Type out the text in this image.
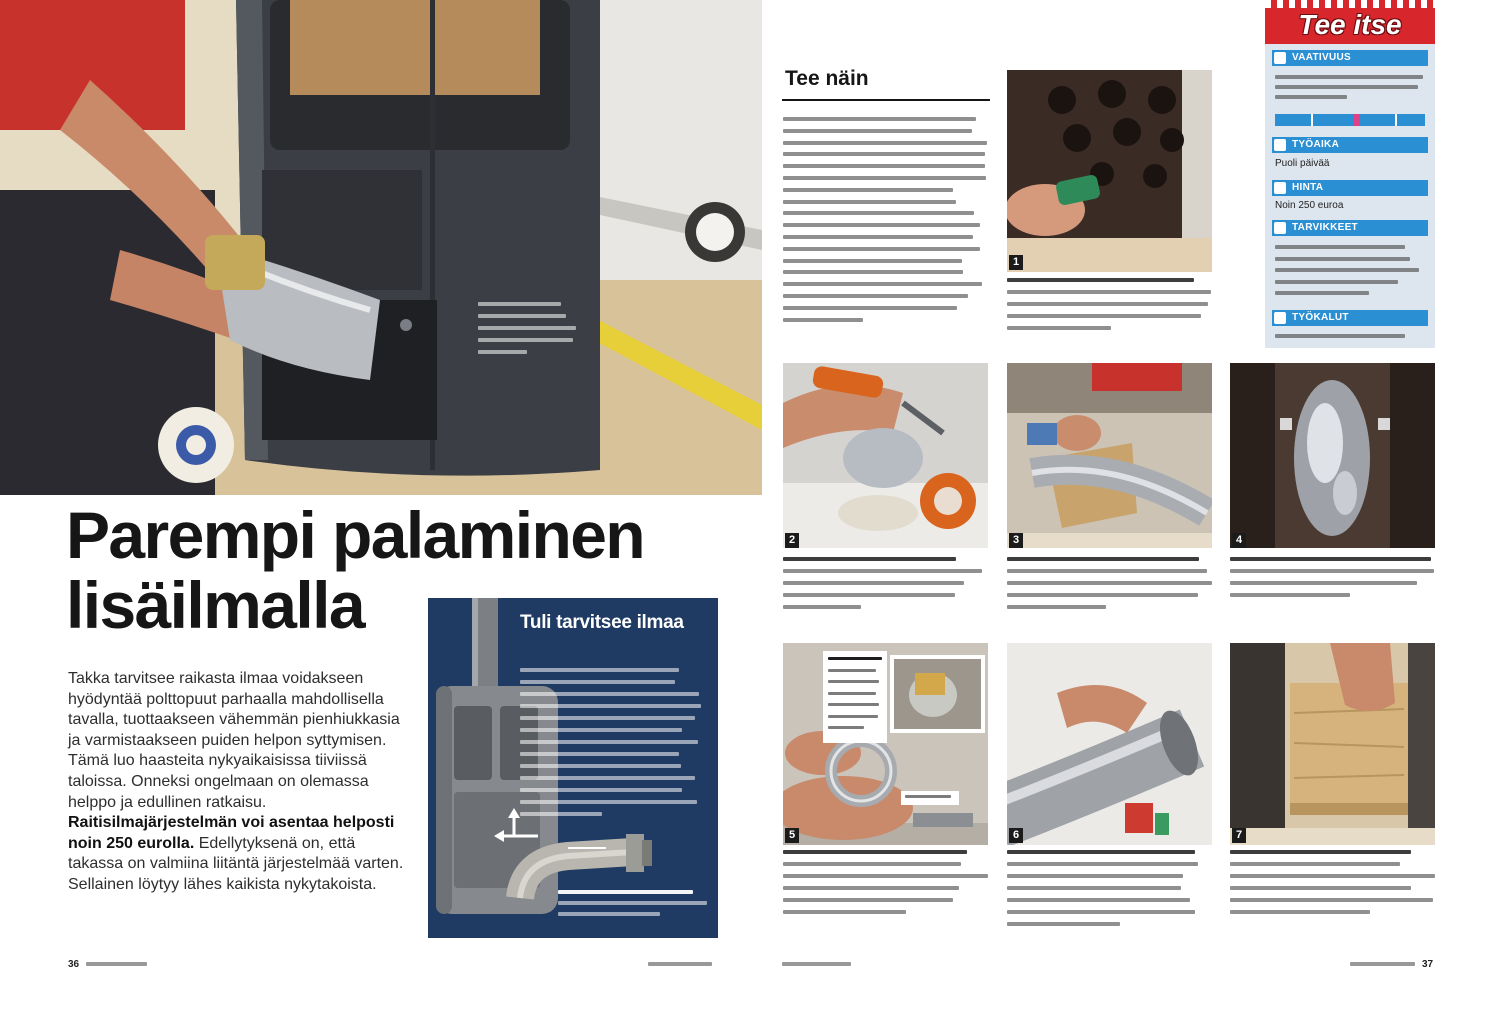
Parempi palaminen
lisäilmalla
Takka tarvitsee raikasta ilmaa voidakseen hyödyntää polttopuut parhaalla mahdollisella tavalla, tuottaakseen vähemmän pienhiukkasia ja varmistaakseen puiden helpon syttymisen. Tämä luo haasteita nykyaikaisissa tiiviissä taloissa. Onneksi ongelmaan on olemassa helppo ja edullinen ratkaisu. Raitisilmajärjestelmän voi asentaa helposti noin 250 eurolla. Edellytyksenä on, että takassa on valmiina liitäntä järjestelmää varten. Sellainen löytyy lähes kaikista nykytakoista.
Tuli tarvitsee ilmaa
36
Tee näin
1
Tee itse
VAATIVUUS
TYÖAIKA
Puoli päivää
HINTA
Noin 250 euroa
TARVIKKEET
TYÖKALUT
2	3	4
5	6	7
37
